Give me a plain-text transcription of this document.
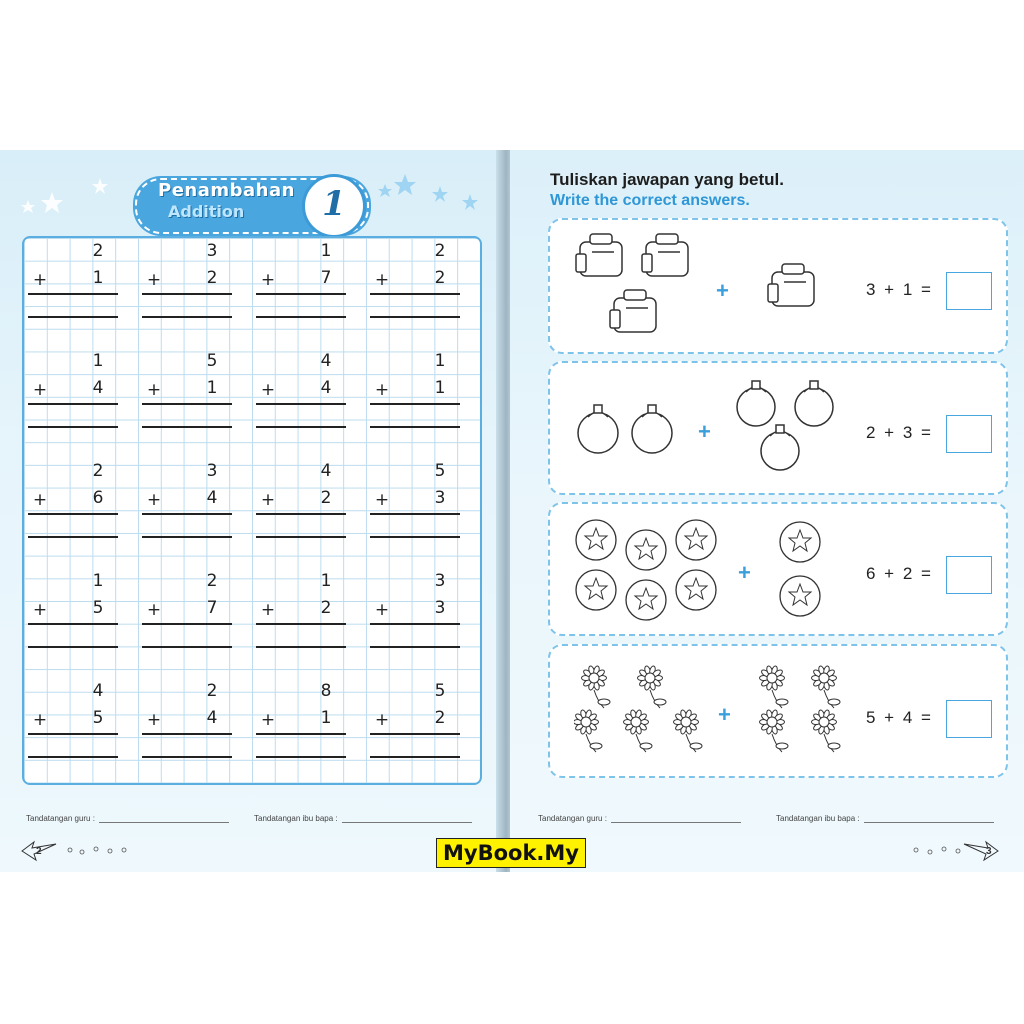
Penambahan
Addition	1
2
+	1
3
+	2
1
+	7
2
+	2
1
+	4
5
+	1
4
+	4
1
+	1
2
+	6
3
+	4
4
+	2
5
+	3
1
+	5
2
+	7
1
+	2
3
+	3
4
+	5
2
+	4
8
+	1
5
+	2
Tandatangan guru :	Tandatangan ibu bapa :
2
Tuliskan jawapan yang betul.
Write the correct answers.
+	3 + 1 =
+	2 + 3 =
+	6 + 2 =
+	5 + 4 =
Tandatangan guru :	Tandatangan ibu bapa :
3
MyBook.My
